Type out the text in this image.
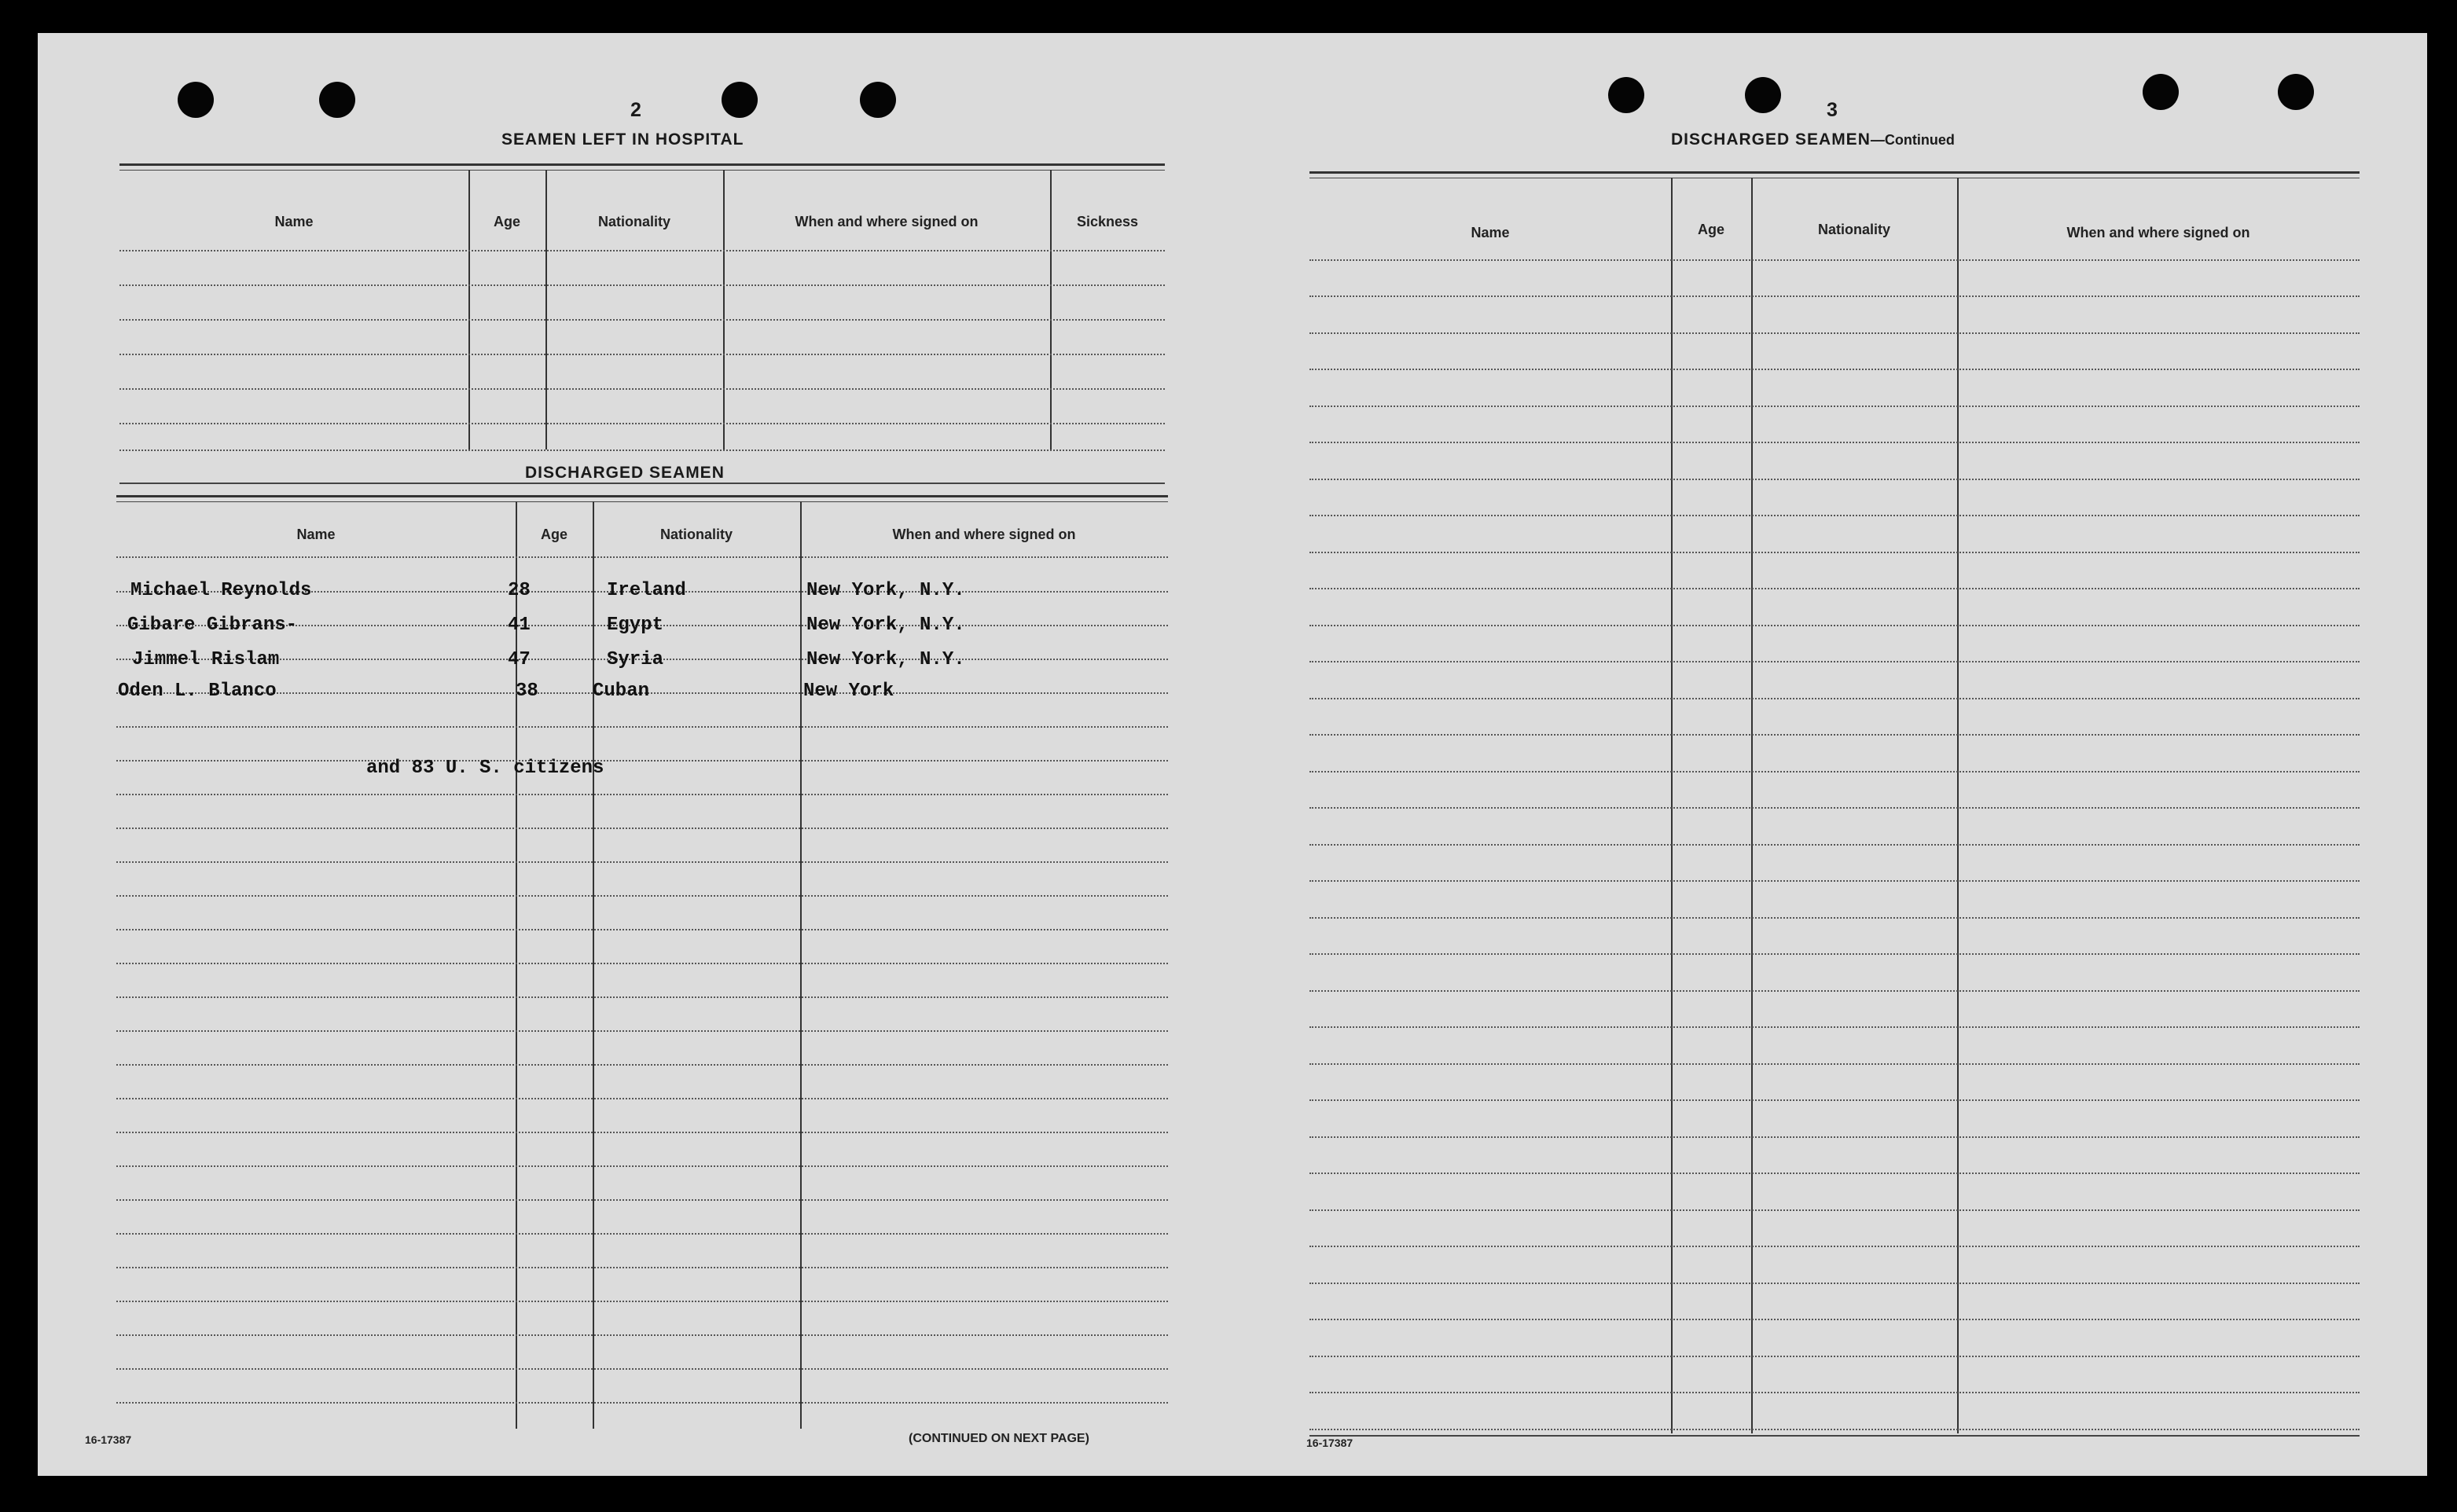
2
SEAMEN LEFT IN HOSPITAL
Name	Age	Nationality	When and where signed on	Sickness
DISCHARGED SEAMEN
Name	Age	Nationality	When and where signed on
Michael Reynolds	28	Ireland	New York, N.Y.
Gibare Gibrans-	41	Egypt	New York, N.Y.
Jimmel Rislam	47	Syria	New York, N.Y.
Oden L. Blanco	38	Cuban	New York
and 83 U. S. citizens
16-17387	(CONTINUED ON NEXT PAGE)
3
DISCHARGED SEAMEN—Continued
Name	Age	Nationality	When and where signed on
16-17387
